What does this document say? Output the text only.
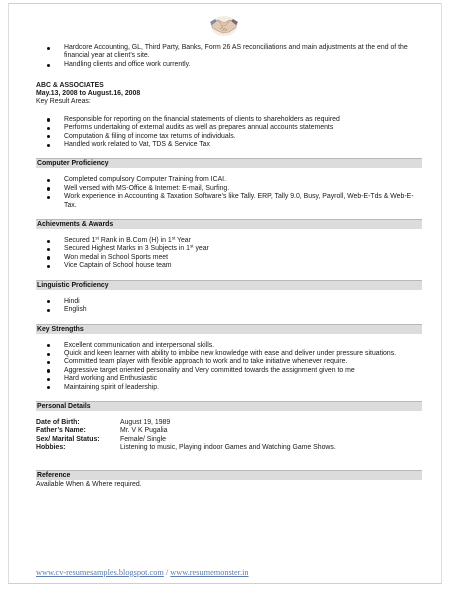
Hardcore Accounting, GL, Third Party, Banks, Form 26 AS reconciliations and main adjustments at the end of the financial year at client’s site.
Handling clients and office work currently.
ABC & ASSOCIATES
May.13, 2008 to August.16, 2008
Key Result Areas:
Responsible for reporting on the financial statements of clients to shareholders as required
Performs undertaking of external audits as well as prepares annual accounts statements
Computation & filing of income tax returns of individuals.
Handled work related to Vat, TDS & Service Tax
Computer Proficiency
Completed compulsory Computer Training from ICAI.
Well versed with MS-Office & Internet: E-mail, Surfing.
Work experience in Accounting & Taxation Software’s like Tally. ERP, Tally 9.0, Busy, Payroll, Web-E-Tds & Web-E-Tax.
Achievments & Awards
Secured 1st Rank in B.Com (H) in 1st Year
Secured Highest Marks in 3 Subjects in 1st year
Won medal in School Sports meet
Vice Captain of School house team
Linguistic Proficiency
Hindi
English
Key Strengths
Excellent communication and interpersonal skills.
Quick and keen learner with ability to imbibe new knowledge with ease and deliver under pressure situations.
Committed team player with flexible approach to work and to take initiative whenever require.
Aggressive target oriented personality and Very committed towards the assignment given to me
Hard working and Enthusiastic
Maintaining spirit of leadership.
Personal Details
Date of Birth:	August 19, 1989
Father’s Name:	Mr. V K Pugalia
Sex/ Marital Status:	Female/ Single
Hobbies:	Listening to music, Playing indoor Games and Watching Game Shows.
Reference
Available When & Where required.
www.cv-resumesamples.blogspot.com / www.resumemonster.in
